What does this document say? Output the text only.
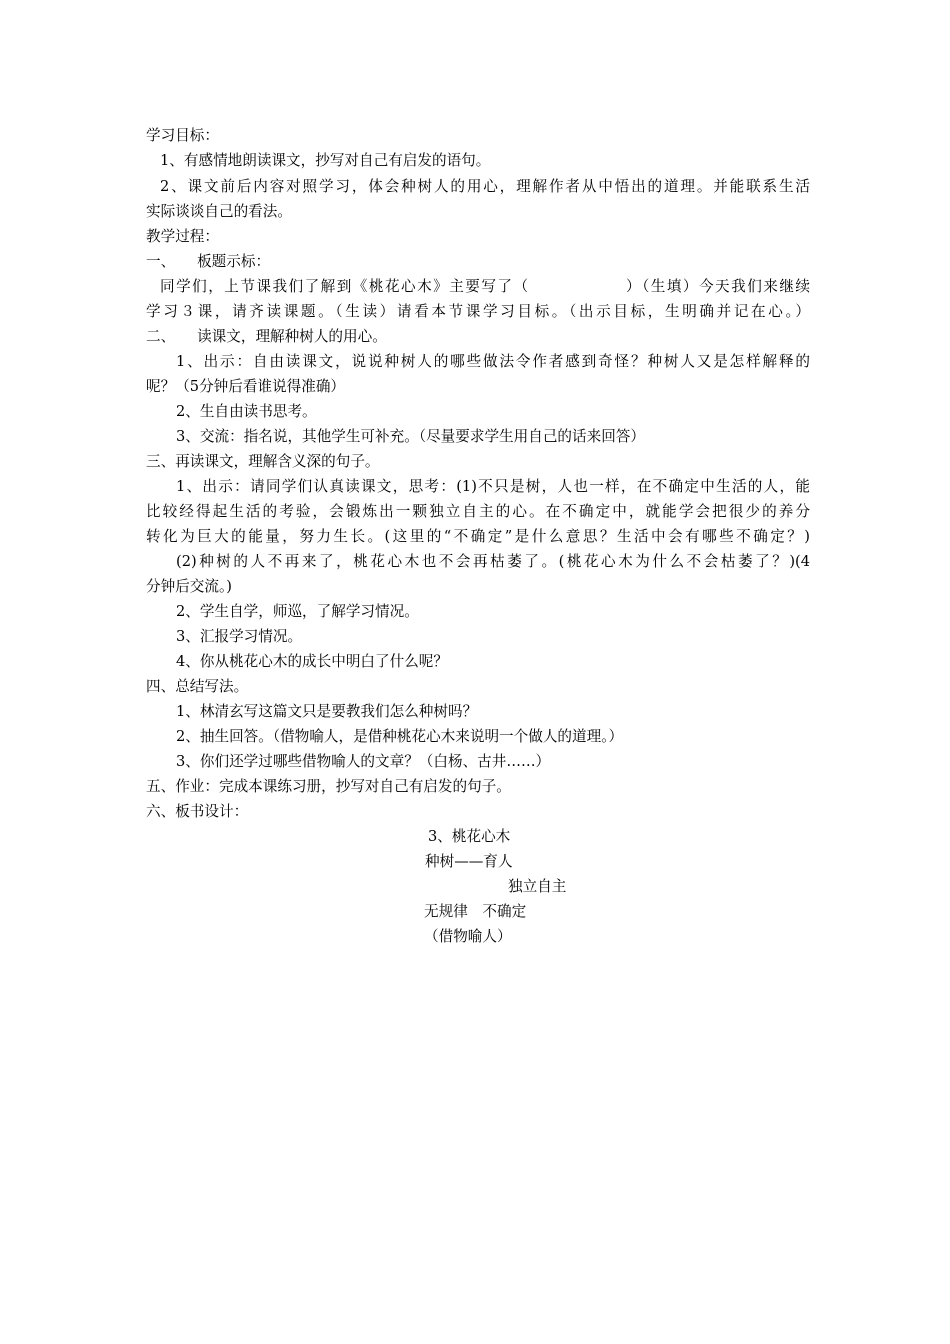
学习目标：
1、有感情地朗读课文，抄写对自己有启发的语句。
2、课文前后内容对照学习，体会种树人的用心，理解作者从中悟出的道理。并能联系生活
实际谈谈自己的看法。
教学过程：
一、　　板题示标：
同学们，上节课我们了解到《桃花心木》主要写了（　　　　　　）（生填）今天我们来继续
学习３课，请齐读课题。（生读）请看本节课学习目标。（出示目标，生明确并记在心。）
二、　　读课文，理解种树人的用心。
1、出示：自由读课文，说说种树人的哪些做法令作者感到奇怪？种树人又是怎样解释的
呢？（5分钟后看谁说得准确）
2、生自由读书思考。
3、交流：指名说，其他学生可补充。（尽量要求学生用自己的话来回答）
三、再读课文，理解含义深的句子。
1、出示：请同学们认真读课文，思考：(1)不只是树，人也一样，在不确定中生活的人，能
比较经得起生活的考验，会锻炼出一颗独立自主的心。在不确定中，就能学会把很少的养分
转化为巨大的能量，努力生长。(这里的“不确定”是什么意思？生活中会有哪些不确定？)
(2)种树的人不再来了，桃花心木也不会再枯萎了。(桃花心木为什么不会枯萎了？)(4
分钟后交流。)
2、学生自学，师巡，了解学习情况。
3、汇报学习情况。
4、你从桃花心木的成长中明白了什么呢？
四、总结写法。
1、林清玄写这篇文只是要教我们怎么种树吗？
2、抽生回答。（借物喻人，是借种桃花心木来说明一个做人的道理。）
3、你们还学过哪些借物喻人的文章？（白杨、古井……）
五、作业：完成本课练习册，抄写对自己有启发的句子。
六、板书设计：
3、桃花心木
种树——育人
独立自主
无规律　不确定
（借物喻人）
